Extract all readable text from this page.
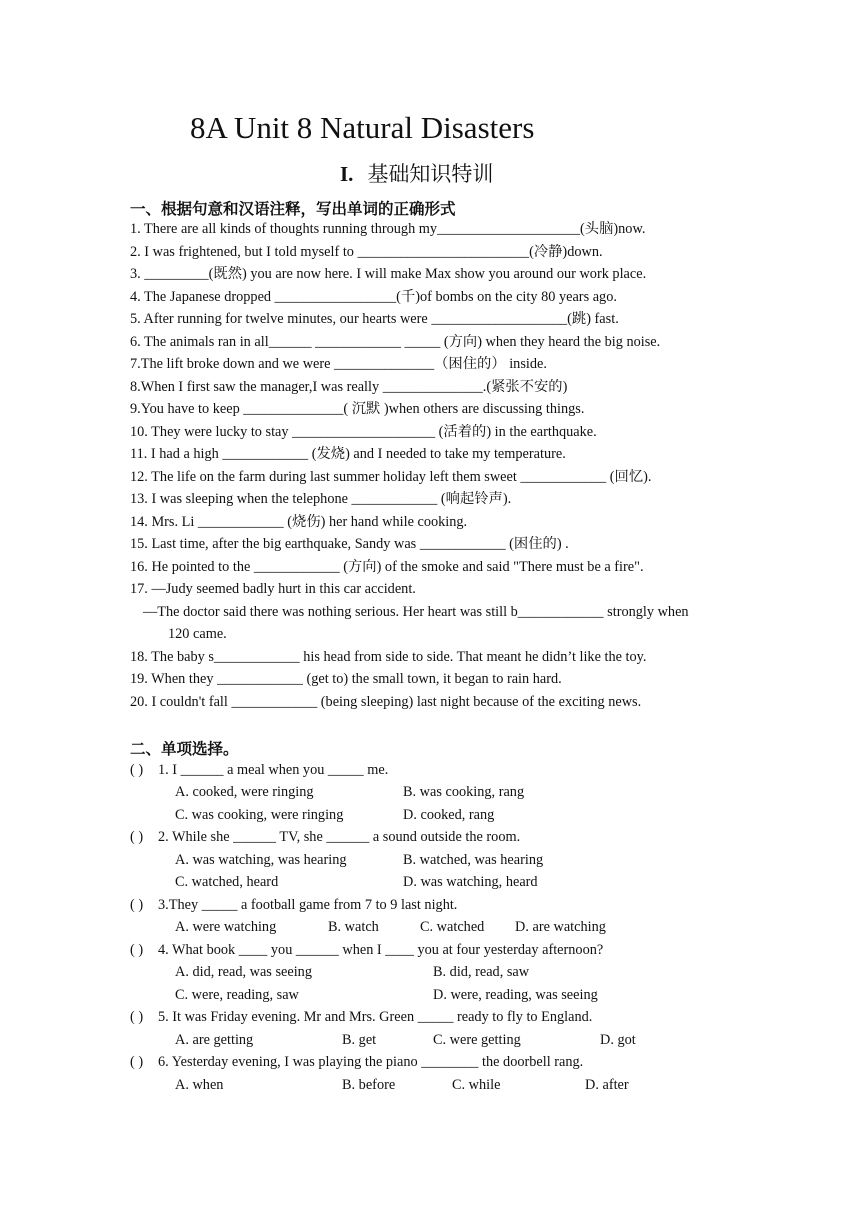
8A Unit 8 Natural Disasters
I. 基础知识特训
一、根据句意和汉语注释，写出单词的正确形式
1. There are all kinds of thoughts running through my____________________(头脑)now.
2. I was frightened, but I told myself to ________________________(冷静)down.
3. _________(既然) you are now here. I will make Max show you around our work place.
4. The Japanese dropped _________________(千)of bombs on the city 80 years ago.
5. After running for twelve minutes, our hearts were ___________________(跳) fast.
6. The animals ran in all______ ____________ _____ (方向) when they heard the big noise.
7.The lift broke down and we were ______________（困住的） inside.
8.When I first saw the manager,I was really ______________.(紧张不安的)
9.You have to keep ______________( 沉默 )when others are discussing things.
10. They were lucky to stay ____________________ (活着的) in the earthquake.
11. I had a high ____________ (发烧) and I needed to take my temperature.
12. The life on the farm during last summer holiday left them sweet ____________ (回忆).
13. I was sleeping when the telephone ____________ (响起铃声).
14. Mrs. Li ____________ (烧伤) her hand while cooking.
15. Last time, after the big earthquake, Sandy was ____________ (困住的) .
16. He pointed to the ____________ (方向) of the smoke and said "There must be a fire".
17. —Judy seemed badly hurt in this car accident.
—The doctor said there was nothing serious. Her heart was still b____________ strongly when
120 came.
18. The baby s____________ his head from side to side. That meant he didn’t like the toy.
19. When they ____________ (get to) the small town, it began to rain hard.
20. I couldn't fall ____________ (being sleeping) last night because of the exciting news.
二、单项选择。
( ) 1. I ______ a meal when you _____ me.
A. cooked, were ringing	B. was cooking, rang
C. was cooking, were ringing	D. cooked, rang
( ) 2. While she ______ TV, she ______ a sound outside the room.
A. was watching, was hearing	B. watched, was hearing
C. watched, heard	D. was watching, heard
( ) 3.They _____ a football game from 7 to 9 last night.
A. were watching	B. watch	C. watched D. are watching
( ) 4. What book ____ you ______ when I ____ you at four yesterday afternoon?
A. did, read, was seeing	B. did, read, saw
C. were, reading, saw	D. were, reading, was seeing
( ) 5. It was Friday evening. Mr and Mrs. Green _____ ready to fly to England.
A. are getting	B. get	C. were getting	D. got
( ) 6. Yesterday evening, I was playing the piano ________ the doorbell rang.
A. when	B. before	C. while	D. after
